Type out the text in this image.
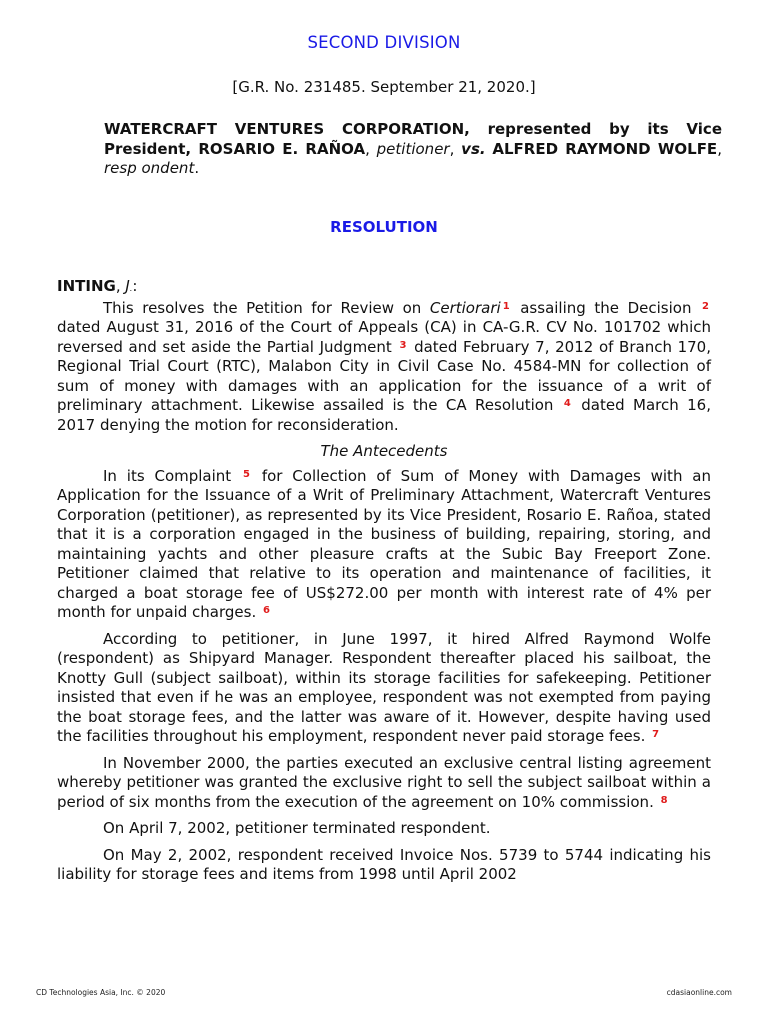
SECOND DIVISION
[G.R. No. 231485. September 21, 2020.]
WATERCRAFT VENTURES CORPORATION, represented by its Vice President, ROSARIO E. RAÑOA, petitioner, vs. ALFRED RAYMOND WOLFE, resp ondent.
RESOLUTION

INTING, J.:

This resolves the Petition for Review on Certiorari $^1$ assailing the Decision $^2$ dated August 31, 2016 of the Court of Appeals (CA) in CA-G.R. CV No. 101702 which reversed and set aside the Partial Judgment $^3$ dated February 7, 2012 of Branch 170, Regional Trial Court (RTC), Malabon City in Civil Case No. 4584-MN for collection of sum of money with damages with an application for the issuance of a writ of preliminary attachment. Likewise assailed is the CA Resolution $^4$ dated March 16, 2017 denying the motion for reconsideration.

The Antecedents

In its Complaint $^5$ for Collection of Sum of Money with Damages with an Application for the Issuance of a Writ of Preliminary Attachment, Watercraft Ventures Corporation (petitioner), as represented by its Vice President, Rosario E. Rañoa, stated that it is a corporation engaged in the business of building, repairing, storing, and maintaining yachts and other pleasure crafts at the Subic Bay Freeport Zone. Petitioner claimed that relative to its operation and maintenance of facilities, it charged a boat storage fee of US$272.00 per month with interest rate of 4% per month for unpaid charges. $^6$

According to petitioner, in June 1997, it hired Alfred Raymond Wolfe (respondent) as Shipyard Manager. Respondent thereafter placed his sailboat, the Knotty Gull (subject sailboat), within its storage facilities for safekeeping. Petitioner insisted that even if he was an employee, respondent was not exempted from paying the boat storage fees, and the latter was aware of it. However, despite having used the facilities throughout his employment, respondent never paid storage fees. $^7$

In November 2000, the parties executed an exclusive central listing agreement whereby petitioner was granted the exclusive right to sell the subject sailboat within a period of six months from the execution of the agreement on 10% commission. $^8$

On April 7, 2002, petitioner terminated respondent.

On May 2, 2002, respondent received Invoice Nos. 5739 to 5744 indicating his liability for storage fees and items from 1998 until April 2002

CD Technologies Asia, Inc. © 2020	cdasiaonline.com
